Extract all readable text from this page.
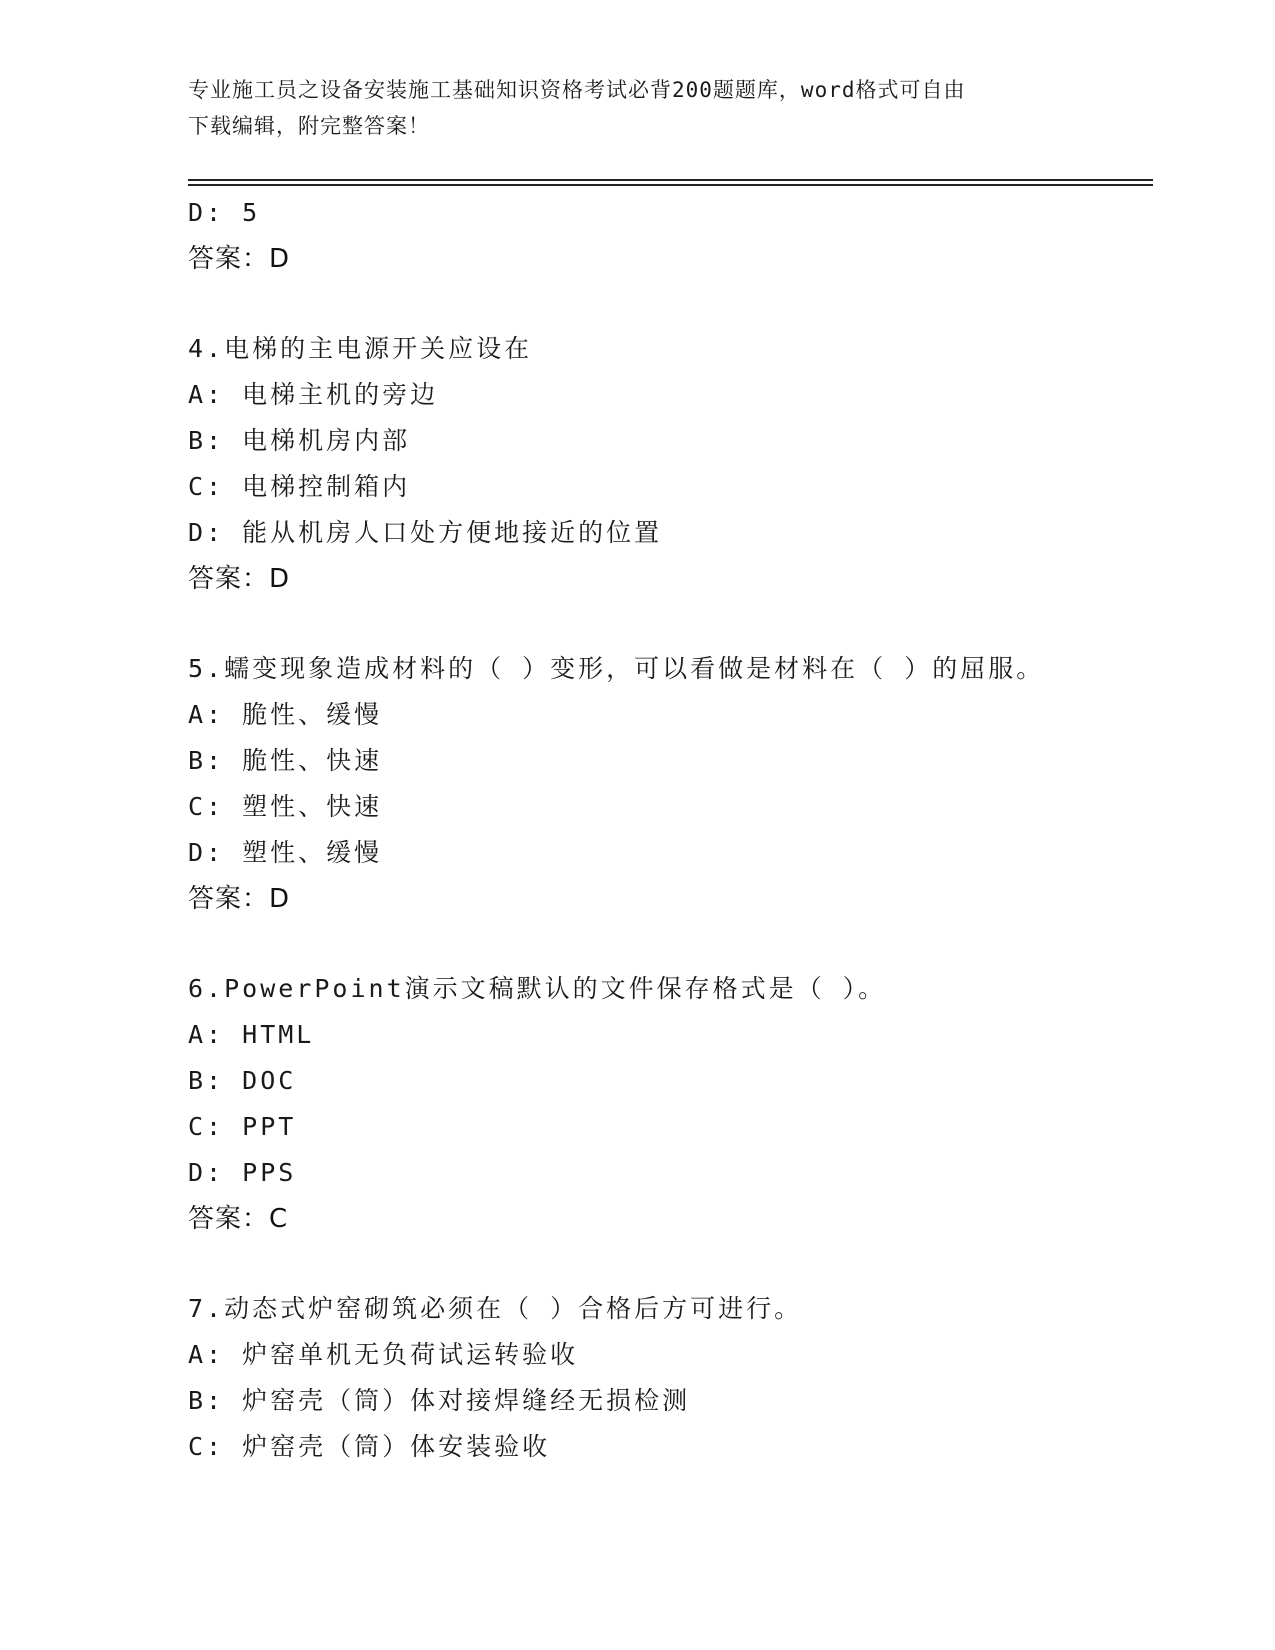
专业施工员之设备安装施工基础知识资格考试必背200题题库，word格式可自由
下载编辑，附完整答案！
D: 5
答案：D
4.电梯的主电源开关应设在
A: 电梯主机的旁边
B: 电梯机房内部
C: 电梯控制箱内
D: 能从机房人口处方便地接近的位置
答案：D
5.蠕变现象造成材料的（ ）变形，可以看做是材料在（ ）的屈服。
A: 脆性、缓慢
B: 脆性、快速
C: 塑性、快速
D: 塑性、缓慢
答案：D
6.PowerPoint演示文稿默认的文件保存格式是（ ）。
A: HTML
B: DOC
C: PPT
D: PPS
答案：C
7.动态式炉窑砌筑必须在（ ）合格后方可进行。
A: 炉窑单机无负荷试运转验收
B: 炉窑壳（筒）体对接焊缝经无损检测
C: 炉窑壳（筒）体安装验收
